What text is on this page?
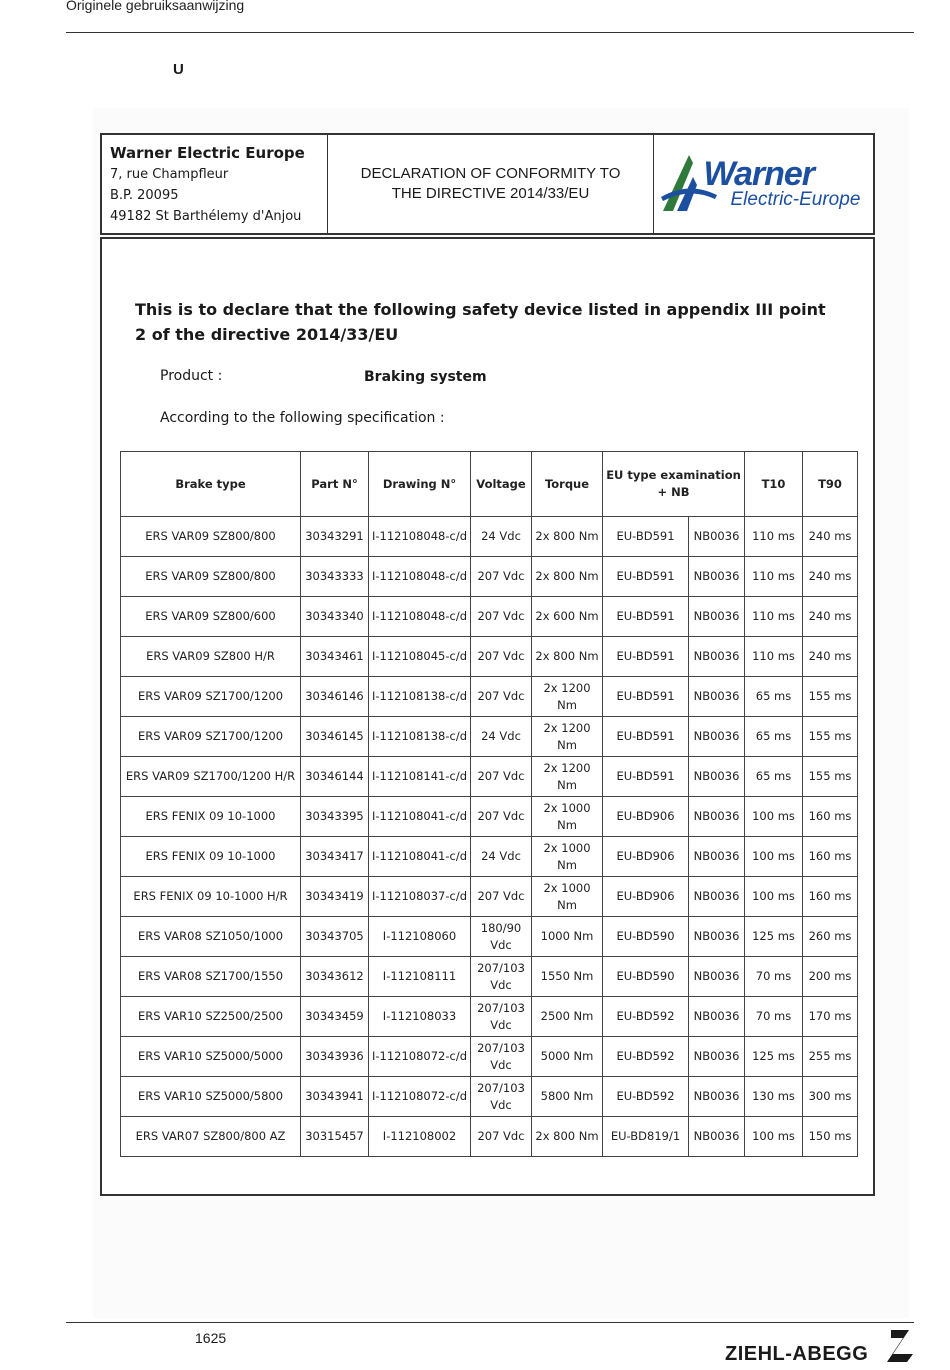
Originele gebruiksaanwijzing
U
Warner Electric Europe
7, rue Champfleur
B.P. 20095
49182 St Barthélemy d'Anjou
DECLARATION OF CONFORMITY TO
THE DIRECTIVE 2014/33/EU
Warner
Electric-Europe
This is to declare that the following safety device listed in appendix III point 2 of the directive 2014/33/EU
Product :	Braking system
According to the following specification :
Brake type	Part N°	Drawing N°	Voltage	Torque	EU type examination + NB		T10	T90
ERS VAR09 SZ800/800	30343291	I-112108048-c/d	24 Vdc	2x 800 Nm	EU-BD591	NB0036	110 ms	240 ms
ERS VAR09 SZ800/800	30343333	I-112108048-c/d	207 Vdc	2x 800 Nm	EU-BD591	NB0036	110 ms	240 ms
ERS VAR09 SZ800/600	30343340	I-112108048-c/d	207 Vdc	2x 600 Nm	EU-BD591	NB0036	110 ms	240 ms
ERS VAR09 SZ800 H/R	30343461	I-112108045-c/d	207 Vdc	2x 800 Nm	EU-BD591	NB0036	110 ms	240 ms
ERS VAR09 SZ1700/1200	30346146	I-112108138-c/d	207 Vdc	2x 1200 Nm	EU-BD591	NB0036	65 ms	155 ms
ERS VAR09 SZ1700/1200	30346145	I-112108138-c/d	24 Vdc	2x 1200 Nm	EU-BD591	NB0036	65 ms	155 ms
ERS VAR09 SZ1700/1200 H/R	30346144	I-112108141-c/d	207 Vdc	2x 1200 Nm	EU-BD591	NB0036	65 ms	155 ms
ERS FENIX 09 10-1000	30343395	I-112108041-c/d	207 Vdc	2x 1000 Nm	EU-BD906	NB0036	100 ms	160 ms
ERS FENIX 09 10-1000	30343417	I-112108041-c/d	24 Vdc	2x 1000 Nm	EU-BD906	NB0036	100 ms	160 ms
ERS FENIX 09 10-1000 H/R	30343419	I-112108037-c/d	207 Vdc	2x 1000 Nm	EU-BD906	NB0036	100 ms	160 ms
ERS VAR08 SZ1050/1000	30343705	I-112108060	180/90 Vdc	1000 Nm	EU-BD590	NB0036	125 ms	260 ms
ERS VAR08 SZ1700/1550	30343612	I-112108111	207/103 Vdc	1550 Nm	EU-BD590	NB0036	70 ms	200 ms
ERS VAR10 SZ2500/2500	30343459	I-112108033	207/103 Vdc	2500 Nm	EU-BD592	NB0036	70 ms	170 ms
ERS VAR10 SZ5000/5000	30343936	I-112108072-c/d	207/103 Vdc	5000 Nm	EU-BD592	NB0036	125 ms	255 ms
ERS VAR10 SZ5000/5800	30343941	I-112108072-c/d	207/103 Vdc	5800 Nm	EU-BD592	NB0036	130 ms	300 ms
ERS VAR07 SZ800/800 AZ	30315457	I-112108002	207 Vdc	2x 800 Nm	EU-BD819/1	NB0036	100 ms	150 ms
1625
ZIEHL-ABEGG
